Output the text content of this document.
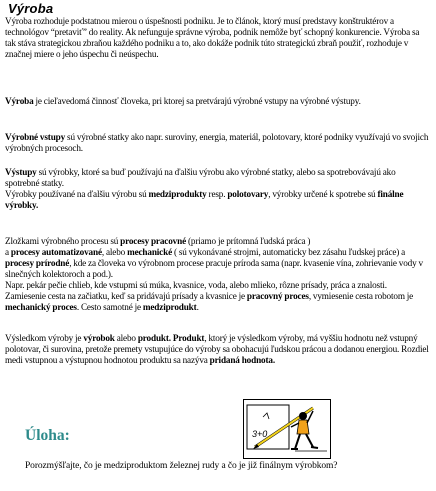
Výroba

Výroba rozhoduje podstatnou mierou o úspešnosti podniku. Je to článok, ktorý musí predstavy konštruktérov a technológov “pretaviť” do reality. Ak nefunguje správne výroba, podnik nemôže byť schopný konkurencie. Výroba sa tak stáva strategickou zbraňou každého podniku a to, ako dokáže podnik túto strategickú zbraň použiť, rozhoduje v značnej miere o jeho úspechu či neúspechu.

Výroba je cieľavedomá činnosť človeka, pri ktorej sa pretvárajú výrobné vstupy na výrobné výstupy.

Výrobné vstupy sú výrobné statky ako napr. suroviny, energia, materiál, polotovary, ktoré podniky využívajú vo svojich výrobných procesoch.

Výstupy sú výrobky, ktoré sa buď používajú na ďalšiu výrobu ako výrobné statky, alebo sa spotrebovávajú ako spotrebné statky.
Výrobky používané na ďalšiu výrobu sú medziprodukty resp. polotovary, výrobky určené k spotrebe sú finálne výrobky.

Zložkami výrobného procesu sú procesy pracovné (priamo je prítomná ľudská práca )
a procesy automatizované, alebo mechanické ( sú vykonávané strojmi, automaticky bez zásahu ľudskej práce) a procesy prírodné, kde za človeka vo výrobnom procese pracuje príroda sama (napr. kvasenie vína, zohrievanie vody v slnečných kolektoroch a pod.).
Napr. pekár pečie chlieb, kde vstupmi sú múka, kvasnice, voda, alebo mlieko, rôzne prísady, práca a znalosti. Zamiesenie cesta na začiatku, keď sa pridávajú prísady a kvasnice je pracovný proces, vymiesenie cesta robotom je mechanický proces. Cesto samotné je medziprodukt.

Výsledkom výroby je výrobok alebo produkt. Produkt, ktorý je výsledkom výroby, má vyššiu hodnotu než vstupný polotovar, či surovina, pretože premety vstupujúce do výroby sa obohacujú ľudskou prácou a dodanou energiou. Rozdiel medi vstupnou a výstupnou hodnotou produktu sa nazýva pridaná hodnota.

3+0
Úloha:

Porozmýšľajte, čo je medziproduktom železnej rudy a čo je již finálnym výrobkom?
